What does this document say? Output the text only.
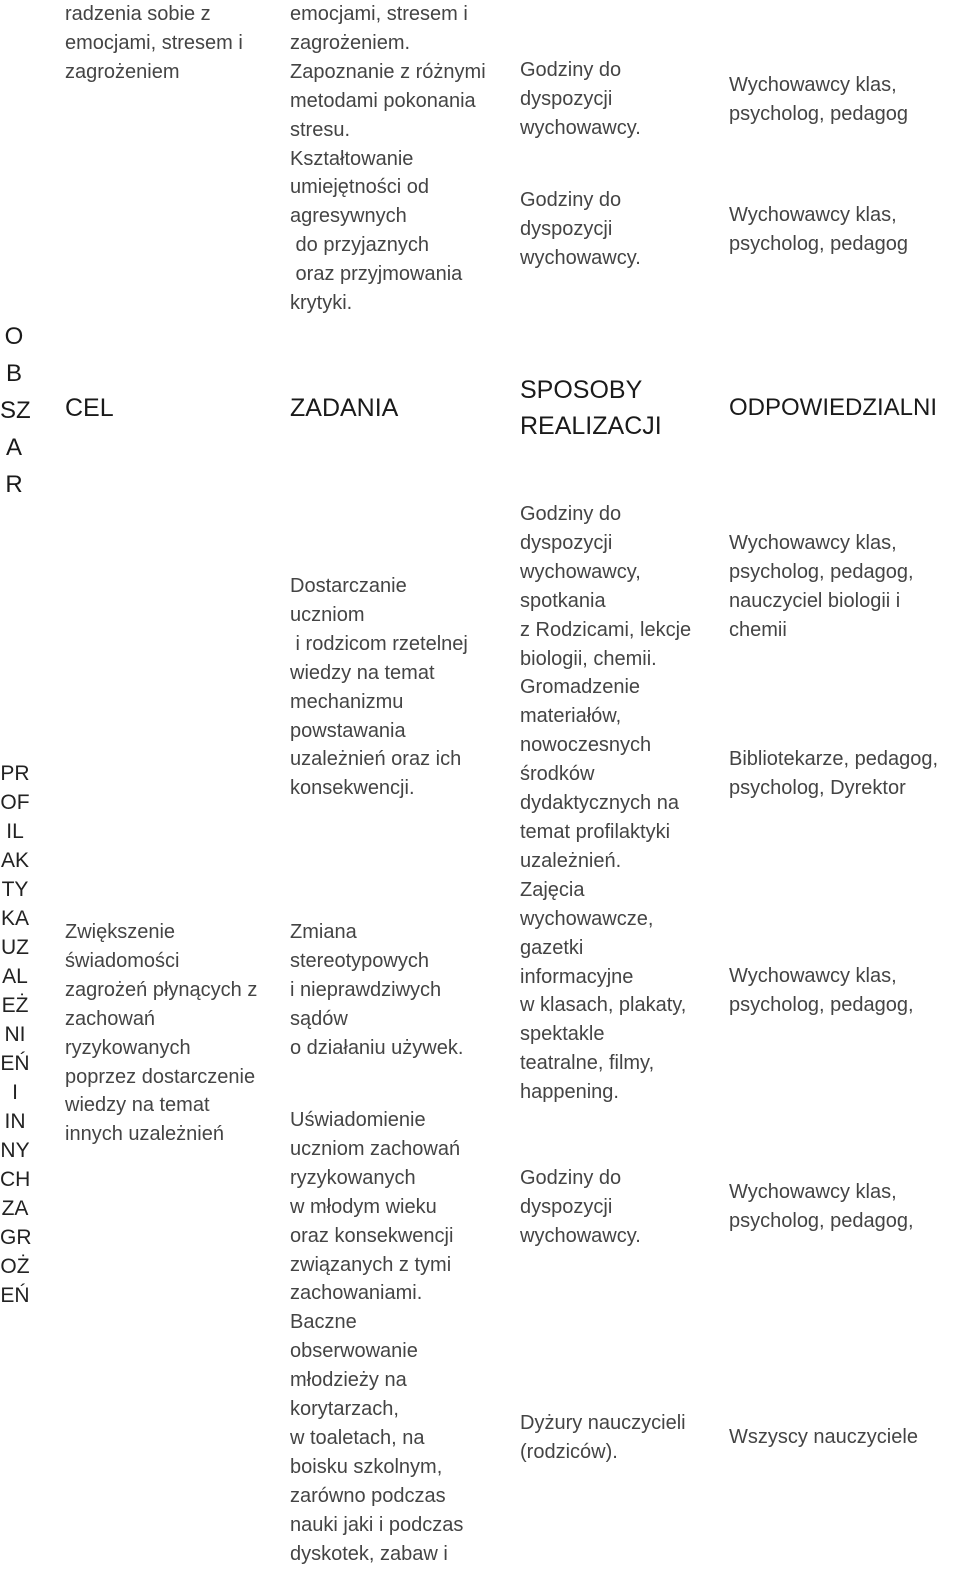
O
B
SZ
A
R
PR
OF
IL
AK
TY
KA
UZ
AL
EŻ
NI
EŃ
I
IN
NY
CH
ZA
GR
OŻ
EŃ
radzenia sobie z
emocjami, stresem i
zagrożeniem
CEL
Zwiększenie
świadomości
zagrożeń płynących z
zachowań
ryzykowanych
poprzez dostarczenie
wiedzy na temat
innych uzależnień
emocjami, stresem i
zagrożeniem.
Zapoznanie z różnymi
metodami pokonania
stresu.
Kształtowanie
umiejętności od
agresywnych
do przyjaznych
oraz przyjmowania
krytyki.
ZADANIA
Dostarczanie
uczniom
i rodzicom rzetelnej
wiedzy na temat
mechanizmu
powstawania
uzależnień oraz ich
konsekwencji.
Zmiana
stereotypowych
i nieprawdziwych
sądów
o działaniu używek.
Uświadomienie
uczniom zachowań
ryzykowanych
w młodym wieku
oraz konsekwencji
związanych z tymi
zachowaniami.
Baczne
obserwowanie
młodzieży na
korytarzach,
w toaletach, na
boisku szkolnym,
zarówno podczas
nauki jaki i podczas
dyskotek, zabaw i
Godziny do
dyspozycji
wychowawcy.
Godziny do
dyspozycji
wychowawcy.
SPOSOBY
REALIZACJI
Godziny do
dyspozycji
wychowawcy,
spotkania
z Rodzicami, lekcje
biologii, chemii.
Gromadzenie
materiałów,
nowoczesnych
środków
dydaktycznych na
temat profilaktyki
uzależnień.
Zajęcia
wychowawcze,
gazetki
informacyjne
w klasach, plakaty,
spektakle
teatralne, filmy,
happening.
Godziny do
dyspozycji
wychowawcy.
Dyżury nauczycieli
(rodziców).
Wychowawcy klas,
psycholog, pedagog
Wychowawcy klas,
psycholog, pedagog
ODPOWIEDZIALNI
Wychowawcy klas,
psycholog, pedagog,
nauczyciel biologii i
chemii
Bibliotekarze, pedagog,
psycholog, Dyrektor
Wychowawcy klas,
psycholog, pedagog,
Wychowawcy klas,
psycholog, pedagog,
Wszyscy nauczyciele
